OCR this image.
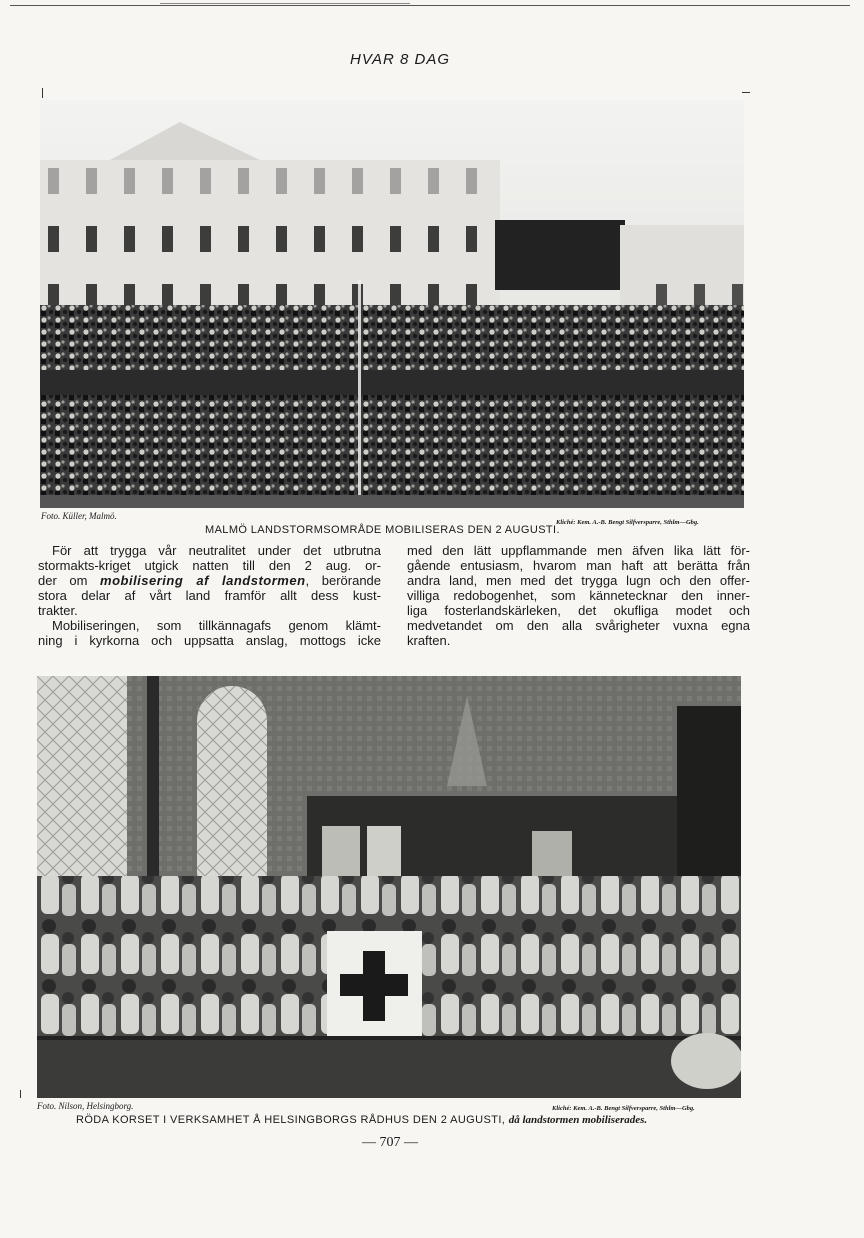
HVAR 8 DAG
Foto. Küller, Malmö.
Kliché: Kem. A.-B. Bengt Silfversparre, Sthlm—Gbg.
MALMÖ LANDSTORMSOMRÅDE MOBILISERAS DEN 2 AUGUSTI.
För att trygga vår neutralitet under det utbrutna
stormakts-kriget utgick natten till den 2 aug. or-
der om mobilisering af landstormen, berörande
stora delar af vårt land framför allt dess kust-
trakter.
Mobiliseringen, som tillkännagafs genom klämt-
ning i kyrkorna och uppsatta anslag, mottogs icke
med den lätt uppflammande men äfven lika lätt för-
gående entusiasm, hvarom man haft att berätta från
andra land, men med det trygga lugn och den offer-
villiga redobogenhet, som kännetecknar den inner-
liga fosterlandskärleken, det okufliga modet och
medvetandet om den alla svårigheter vuxna egna
kraften.
Foto. Nilson, Helsingborg.	Kliché: Kem. A.-B. Bengt Silfversparre, Sthlm—Gbg.
RÖDA KORSET I VERKSAMHET Å HELSINGBORGS RÅDHUS DEN 2 AUGUSTI, då landstormen mobiliserades.
— 707 —
